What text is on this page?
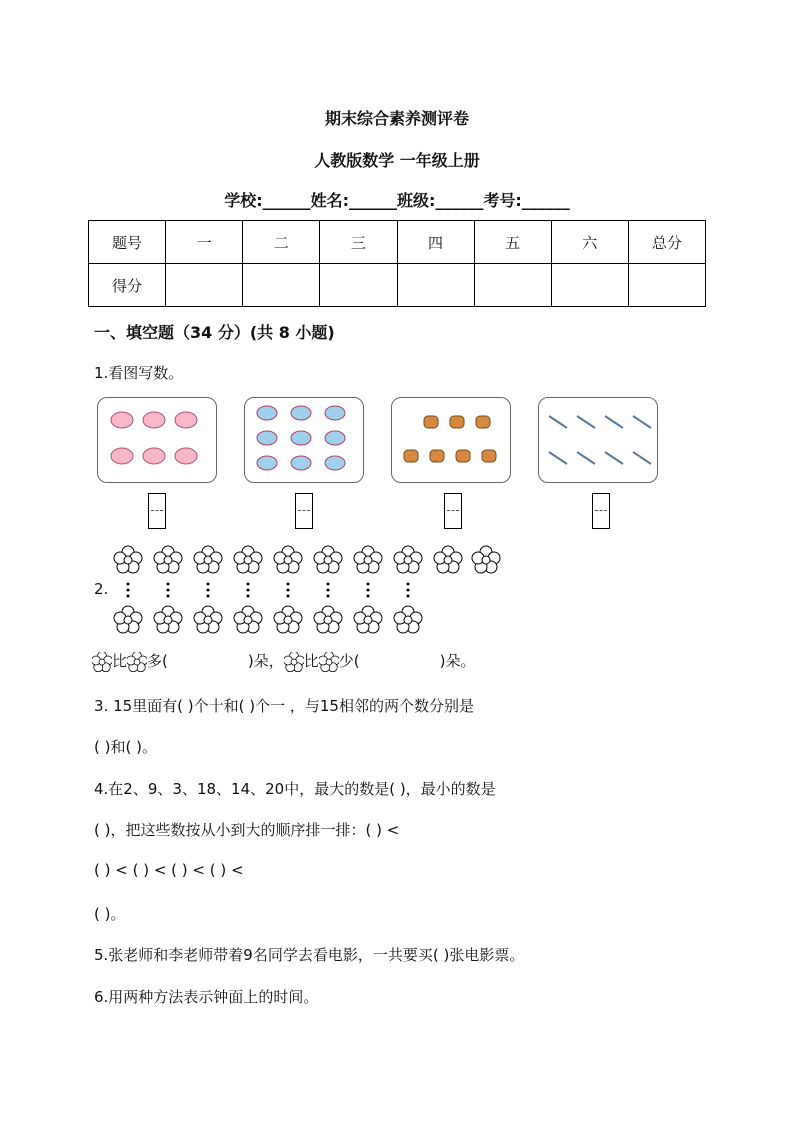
期末综合素养测评卷
人教版数学 一年级上册
学校:______姓名:______班级:______考号:______
题号	一	二	三	四	五	六	总分
得分							
一、填空题（34 分）(共 8 小题)
1.看图写数。
2.
比 多(	)朵， 比 少(	)朵。
3. 15里面有( )个十和( )个一 ，与15相邻的两个数分别是
( )和( )。
4.在2、9、3、18、14、20中，最大的数是( )，最小的数是
( )，把这些数按从小到大的顺序排一排：( ) <
( ) < ( ) < ( ) < ( ) <
( )。
5.张老师和李老师带着9名同学去看电影，一共要买( )张电影票。
6.用两种方法表示钟面上的时间。
